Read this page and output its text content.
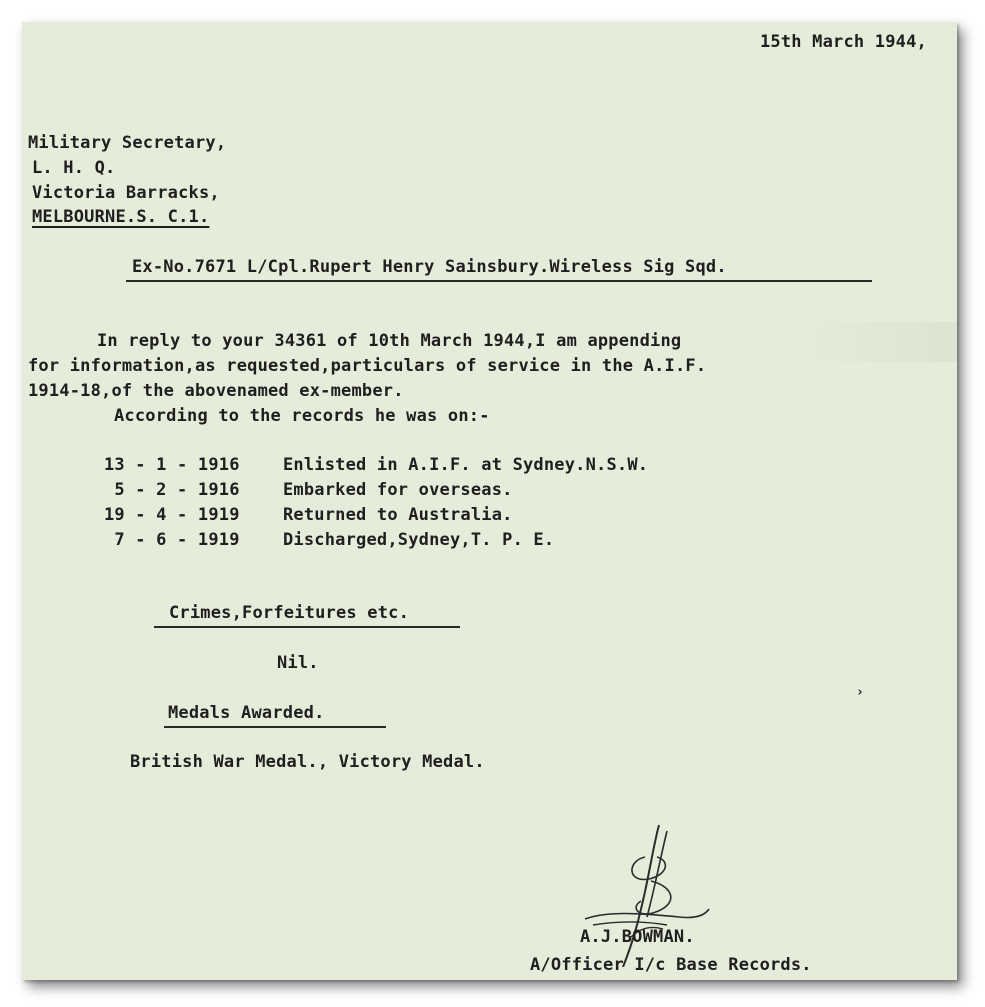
15th March 1944,
Military Secretary,
L. H. Q.
Victoria Barracks,
MELBOURNE.S. C.1.
Ex-No.7671 L/Cpl.Rupert Henry Sainsbury.Wireless Sig Sqd.
In reply to your 34361 of 10th March 1944,I am appending
for information,as requested,particulars of service in the A.I.F.
1914-18,of the abovenamed ex-member.
According to the records he was on:-
13 - 1 - 1916	Enlisted in A.I.F. at Sydney.N.S.W.
5 - 2 - 1916	Embarked for overseas.
19 - 4 - 1919	Returned to Australia.
7 - 6 - 1919	Discharged,Sydney,T. P. E.
Crimes,Forfeitures etc.
Nil.
Medals Awarded.
British War Medal., Victory Medal.
A.J.BOWMAN.
A/Officer I/c Base Records.
›
